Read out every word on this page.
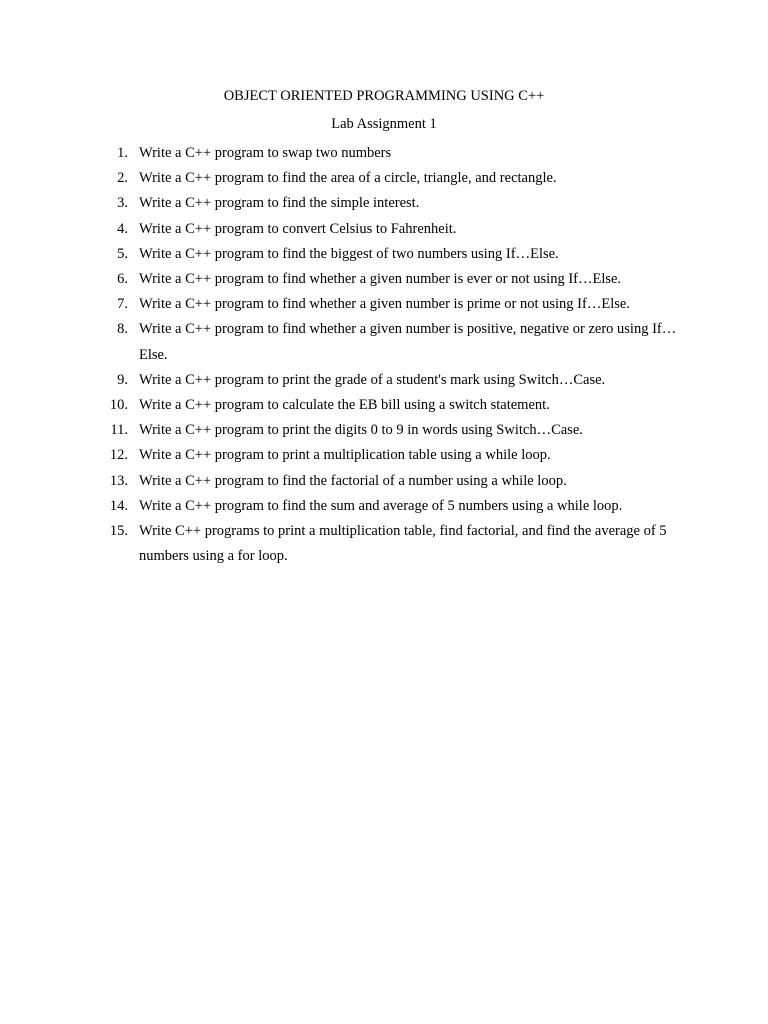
OBJECT ORIENTED PROGRAMMING USING C++
Lab Assignment 1
1. Write a C++ program to swap two numbers
2. Write a C++ program to find the area of a circle, triangle, and rectangle.
3. Write a C++ program to find the simple interest.
4. Write a C++ program to convert Celsius to Fahrenheit.
5. Write a C++ program to find the biggest of two numbers using If…Else.
6. Write a C++ program to find whether a given number is ever or not using If…Else.
7. Write a C++ program to find whether a given number is prime or not using If…Else.
8. Write a C++ program to find whether a given number is positive, negative or zero using If…Else.
9. Write a C++ program to print the grade of a student's mark using Switch…Case.
10. Write a C++ program to calculate the EB bill using a switch statement.
11. Write a C++ program to print the digits 0 to 9 in words using Switch…Case.
12. Write a C++ program to print a multiplication table using a while loop.
13. Write a C++ program to find the factorial of a number using a while loop.
14. Write a C++ program to find the sum and average of 5 numbers using a while loop.
15. Write C++ programs to print a multiplication table, find factorial, and find the average of 5 numbers using a for loop.
